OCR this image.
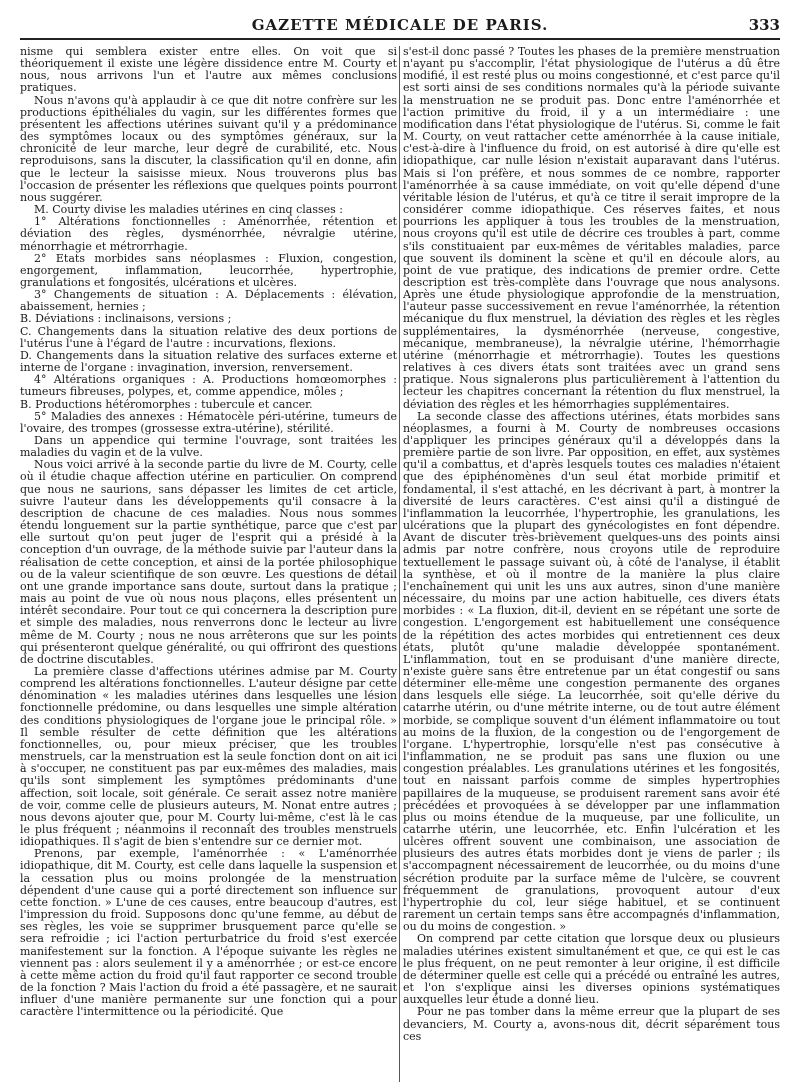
GAZETTE MÉDICALE DE PARIS.	333

nisme qui semblera exister entre elles. On voit que si théoriquement il existe une légère dissidence entre M. Courty et nous, nous arrivons l'un et l'autre aux mêmes conclusions pratiques.

Nous n'avons qu'à applaudir à ce que dit notre confrère sur les productions épithéliales du vagin, sur les différentes formes que présentent les affections utérines suivant qu'il y a prédominance des symptômes locaux ou des symptômes généraux, sur la chronicité de leur marche, leur degré de curabilité, etc. Nous reproduisons, sans la discuter, la classification qu'il en donne, afin que le lecteur la saisisse mieux. Nous trouverons plus bas l'occasion de présenter les réflexions que quelques points pourront nous suggérer.

M. Courty divise les maladies utérines en cinq classes :

1° Altérations fonctionnelles : Aménorrhée, rétention et déviation des règles, dysménorrhée, névralgie utérine, ménorrhagie et métrorrhagie.

2° Etats morbides sans néoplasmes : Fluxion, congestion, engorgement, inflammation, leucorrhée, hypertrophie, granulations et fongosités, ulcérations et ulcères.

3° Changements de situation : A. Déplacements : élévation, abaissement, hernies ;

B. Déviations : inclinaisons, versions ;

C. Changements dans la situation relative des deux portions de l'utérus l'une à l'égard de l'autre : incurvations, flexions.

D. Changements dans la situation relative des surfaces externe et interne de l'organe : invagination, inversion, renversement.

4° Altérations organiques : A. Productions homœomorphes : tumeurs fibreuses, polypes, et, comme appendice, môles ;

B. Productions hétéromorphes : tubercule et cancer.

5° Maladies des annexes : Hématocèle péri-utérine, tumeurs de l'ovaire, des trompes (grossesse extra-utérine), stérilité.

Dans un appendice qui termine l'ouvrage, sont traitées les maladies du vagin et de la vulve.

Nous voici arrivé à la seconde partie du livre de M. Courty, celle où il étudie chaque affection utérine en particulier. On comprend que nous ne saurions, sans dépasser les limites de cet article, suivre l'auteur dans les développements qu'il consacre à la description de chacune de ces maladies. Nous nous sommes étendu longuement sur la partie synthétique, parce que c'est par elle surtout qu'on peut juger de l'esprit qui a présidé à la conception d'un ouvrage, de la méthode suivie par l'auteur dans la réalisation de cette conception, et ainsi de la portée philosophique ou de la valeur scientifique de son œuvre. Les questions de détail ont une grande importance sans doute, surtout dans la pratique ; mais au point de vue où nous nous plaçons, elles présentent un intérêt secondaire. Pour tout ce qui concernera la description pure et simple des maladies, nous renverrons donc le lecteur au livre même de M. Courty ; nous ne nous arrêterons que sur les points qui présenteront quelque généralité, ou qui offriront des questions de doctrine discutables.

La première classe d'affections utérines admise par M. Courty comprend les altérations fonctionnelles. L'auteur désigne par cette dénomination « les maladies utérines dans lesquelles une lésion fonctionnelle prédomine, ou dans lesquelles une simple altération des conditions physiologiques de l'organe joue le principal rôle. » Il semble résulter de cette définition que les altérations fonctionnelles, ou, pour mieux préciser, que les troubles menstruels, car la menstruation est la seule fonction dont on ait ici à s'occuper, ne constituent pas par eux-mêmes des maladies, mais qu'ils sont simplement les symptômes prédominants d'une affection, soit locale, soit générale. Ce serait assez notre manière de voir, comme celle de plusieurs auteurs, M. Nonat entre autres ; nous devons ajouter que, pour M. Courty lui-même, c'est là le cas le plus fréquent ; néanmoins il reconnaît des troubles menstruels idiopathiques. Il s'agit de bien s'entendre sur ce dernier mot.

Prenons, par exemple, l'aménorrhée : « L'aménorrhée idiopathique, dit M. Courty, est celle dans laquelle la suspension et la cessation plus ou moins prolongée de la menstruation dépendent d'une cause qui a porté directement son influence sur cette fonction. » L'une de ces causes, entre beaucoup d'autres, est l'impression du froid. Supposons donc qu'une femme, au début de ses règles, les voie se supprimer brusquement parce qu'elle se sera refroidie ; ici l'action perturbatrice du froid s'est exercée manifestement sur la fonction. A l'époque suivante les règles ne viennent pas : alors seulement il y a aménorrhée ; or est-ce encore à cette même action du froid qu'il faut rapporter ce second trouble de la fonction ? Mais l'action du froid a été passagère, et ne saurait influer d'une manière permanente sur une fonction qui a pour caractère l'intermittence ou la périodicité. Que

s'est-il donc passé ? Toutes les phases de la première menstruation n'ayant pu s'accomplir, l'état physiologique de l'utérus a dû être modifié, il est resté plus ou moins congestionné, et c'est parce qu'il est sorti ainsi de ses conditions normales qu'à la période suivante la menstruation ne se produit pas. Donc entre l'aménorrhée et l'action primitive du froid, il y a un intermédiaire : une modification dans l'état physiologique de l'utérus. Si, comme le fait M. Courty, on veut rattacher cette aménorrhée à la cause initiale, c'est-à-dire à l'influence du froid, on est autorisé à dire qu'elle est idiopathique, car nulle lésion n'existait auparavant dans l'utérus. Mais si l'on préfère, et nous sommes de ce nombre, rapporter l'aménorrhée à sa cause immédiate, on voit qu'elle dépend d'une véritable lésion de l'utérus, et qu'à ce titre il serait impropre de la considérer comme idiopathique. Ces réserves faites, et nous pourrions les appliquer à tous les troubles de la menstruation, nous croyons qu'il est utile de décrire ces troubles à part, comme s'ils constituaient par eux-mêmes de véritables maladies, parce que souvent ils dominent la scène et qu'il en découle alors, au point de vue pratique, des indications de premier ordre. Cette description est très-complète dans l'ouvrage que nous analysons. Après une étude physiologique approfondie de la menstruation, l'auteur passe successivement en revue l'aménorrhée, la rétention mécanique du flux menstruel, la déviation des règles et les règles supplémentaires, la dysménorrhée (nerveuse, congestive, mécanique, membraneuse), la névralgie utérine, l'hémorrhagie utérine (ménorrhagie et métrorrhagie). Toutes les questions relatives à ces divers états sont traitées avec un grand sens pratique. Nous signalerons plus particulièrement à l'attention du lecteur les chapitres concernant la rétention du flux menstruel, la déviation des règles et les hémorrhagies supplémentaires.

La seconde classe des affections utérines, états morbides sans néoplasmes, a fourni à M. Courty de nombreuses occasions d'appliquer les principes généraux qu'il a développés dans la première partie de son livre. Par opposition, en effet, aux systèmes qu'il a combattus, et d'après lesquels toutes ces maladies n'étaient que des épiphénomènes d'un seul état morbide primitif et fondamental, il s'est attaché, en les décrivant à part, à montrer la diversité de leurs caractères. C'est ainsi qu'il a distingué de l'inflammation la leucorrhée, l'hypertrophie, les granulations, les ulcérations que la plupart des gynécologistes en font dépendre. Avant de discuter très-brièvement quelques-uns des points ainsi admis par notre confrère, nous croyons utile de reproduire textuellement le passage suivant où, à côté de l'analyse, il établit la synthèse, et où il montre de la manière la plus claire l'enchaînement qui unit les uns aux autres, sinon d'une manière nécessaire, du moins par une action habituelle, ces divers états morbides : « La fluxion, dit-il, devient en se répétant une sorte de congestion. L'engorgement est habituellement une conséquence de la répétition des actes morbides qui entretiennent ces deux états, plutôt qu'une maladie développée spontanément. L'inflammation, tout en se produisant d'une manière directe, n'existe guère sans être entretenue par un état congestif ou sans déterminer elle-même une congestion permanente des organes dans lesquels elle siége. La leucorrhée, soit qu'elle dérive du catarrhe utérin, ou d'une métrite interne, ou de tout autre élément morbide, se complique souvent d'un élément inflammatoire ou tout au moins de la fluxion, de la congestion ou de l'engorgement de l'organe. L'hypertrophie, lorsqu'elle n'est pas consécutive à l'inflammation, ne se produit pas sans une fluxion ou une congestion préalables. Les granulations utérines et les fongosités, tout en naissant parfois comme de simples hypertrophies papillaires de la muqueuse, se produisent rarement sans avoir été précédées et provoquées à se développer par une inflammation plus ou moins étendue de la muqueuse, par une folliculite, un catarrhe utérin, une leucorrhée, etc. Enfin l'ulcération et les ulcères offrent souvent une combinaison, une association de plusieurs des autres états morbides dont je viens de parler ; ils s'accompagnent nécessairement de leucorrhée, ou du moins d'une sécrétion produite par la surface même de l'ulcère, se couvrent fréquemment de granulations, provoquent autour d'eux l'hypertrophie du col, leur siége habituel, et se continuent rarement un certain temps sans être accompagnés d'inflammation, ou du moins de congestion. »

On comprend par cette citation que lorsque deux ou plusieurs maladies utérines existent simultanément et que, ce qui est le cas le plus fréquent, on ne peut remonter à leur origine, il est difficile de déterminer quelle est celle qui a précédé ou entraîné les autres, et l'on s'explique ainsi les diverses opinions systématiques auxquelles leur étude a donné lieu.

Pour ne pas tomber dans la même erreur que la plupart de ses devanciers, M. Courty a, avons-nous dit, décrit séparément tous ces
